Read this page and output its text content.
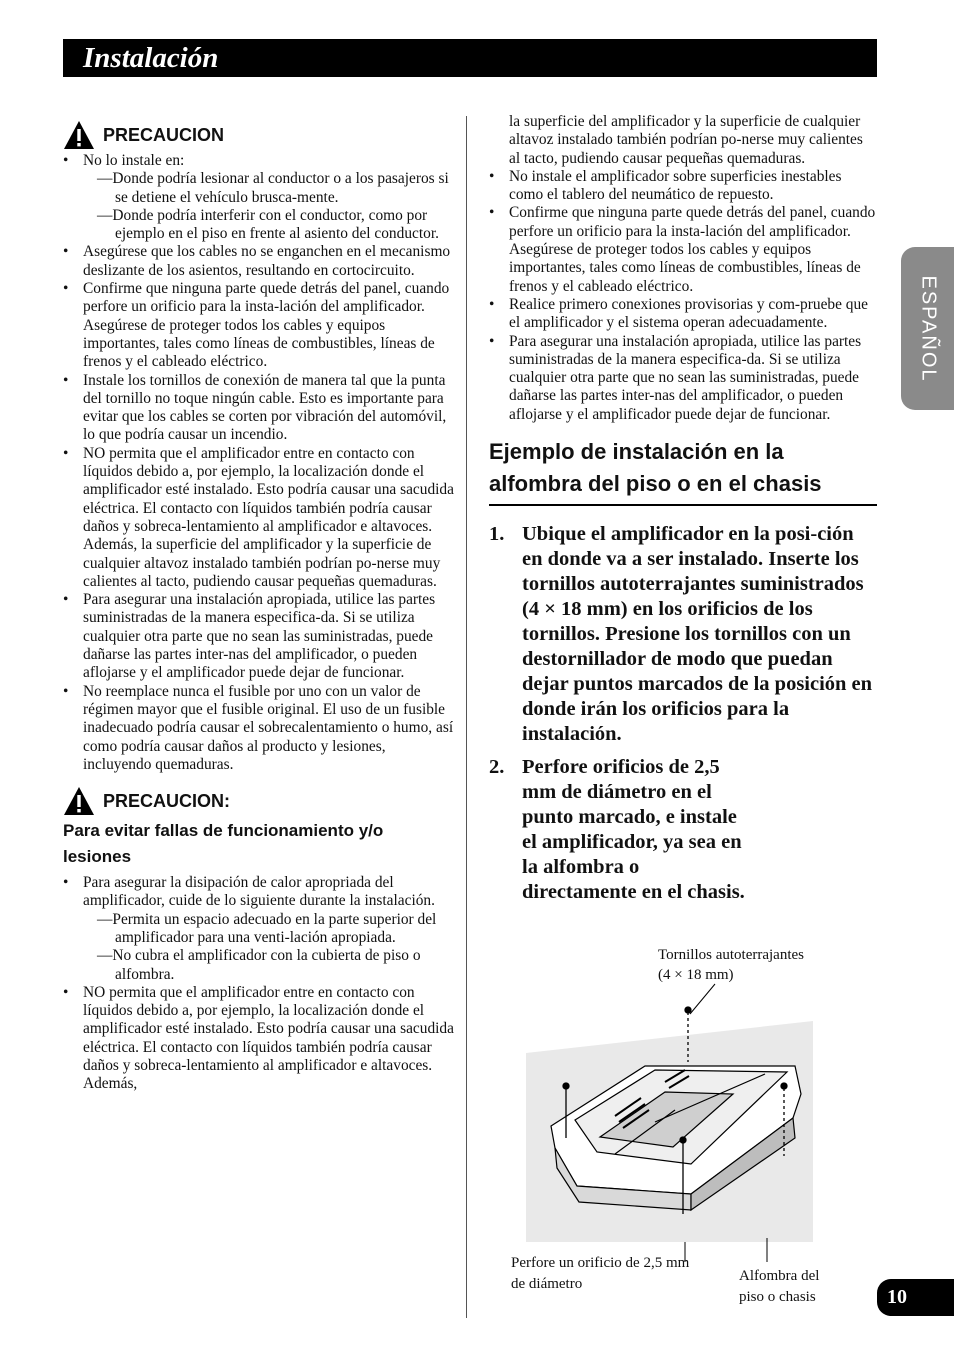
Instalación
ESPAÑOL
PRECAUCION
• No lo instale en:
—Donde podría lesionar al conductor o a los pasajeros si se detiene el vehículo brusca-mente.
—Donde podría interferir con el conductor, como por ejemplo en el piso en frente al asiento del conductor.
• Asegúrese que los cables no se enganchen en el mecanismo deslizante de los asientos, resultando en cortocircuito.
• Confirme que ninguna parte quede detrás del panel, cuando perfore un orificio para la insta-lación del amplificador. Asegúrese de proteger todos los cables y equipos importantes, tales como líneas de combustibles, líneas de frenos y el cableado eléctrico.
• Instale los tornillos de conexión de manera tal que la punta del tornillo no toque ningún cable. Esto es importante para evitar que los cables se corten por vibración del automóvil, lo que podría causar un incendio.
• NO permita que el amplificador entre en contacto con líquidos debido a, por ejemplo, la localización donde el amplificador esté instalado. Esto podría causar una sacudida eléctrica. El contacto con líquidos también podría causar daños y sobreca-lentamiento al amplificador e altavoces. Además, la superficie del amplificador y la superficie de cualquier altavoz instalado también podrían po-nerse muy calientes al tacto, pudiendo causar pequeñas quemaduras.
• Para asegurar una instalación apropiada, utilice las partes suministradas de la manera especifica-da. Si se utiliza cualquier otra parte que no sean las suministradas, puede dañarse las partes inter-nas del amplificador, o pueden aflojarse y el amplificador puede dejar de funcionar.
• No reemplace nunca el fusible por uno con un valor de régimen mayor que el fusible original. El uso de un fusible inadecuado podría causar el sobrecalentamiento o humo, así como podría causar daños al producto y lesiones, incluyendo quemaduras.
PRECAUCION:
Para evitar fallas de funcionamiento y/o lesiones
• Para asegurar la disipación de calor apropriada del amplificador, cuide de lo siguiente durante la instalación.
—Permita un espacio adecuado en la parte superior del amplificador para una venti-lación apropiada.
—No cubra el amplificador con la cubierta de piso o alfombra.
• NO permita que el amplificador entre en contacto con líquidos debido a, por ejemplo, la localización donde el amplificador esté instalado. Esto podría causar una sacudida eléctrica. El contacto con líquidos también podría causar daños y sobreca-lentamiento al amplificador e altavoces. Además,
la superficie del amplificador y la superficie de cualquier altavoz instalado también podrían po-nerse muy calientes al tacto, pudiendo causar pequeñas quemaduras.
• No instale el amplificador sobre superficies inestables como el tablero del neumático de repuesto.
• Confirme que ninguna parte quede detrás del panel, cuando perfore un orificio para la insta-lación del amplificador. Asegúrese de proteger todos los cables y equipos importantes, tales como líneas de combustibles, líneas de frenos y el cableado eléctrico.
• Realice primero conexiones provisorias y com-pruebe que el amplificador y el sistema operan adecuadamente.
• Para asegurar una instalación apropiada, utilice las partes suministradas de la manera especifica-da. Si se utiliza cualquier otra parte que no sean las suministradas, puede dañarse las partes inter-nas del amplificador, o pueden aflojarse y el amplificador puede dejar de funcionar.
Ejemplo de instalación en la alfombra del piso o en el chasis
1. Ubique el amplificador en la posi-ción en donde va a ser instalado. Inserte los tornillos autoterrajantes suministrados (4 × 18 mm) en los orificios de los tornillos. Presione los tornillos con un destornillador de modo que puedan dejar puntos marcados de la posición en donde irán los orificios para la instalación.
2. Perfore orificios de 2,5 mm de diámetro en el punto marcado, e instale el amplificador, ya sea en la alfombra o directamente en el chasis.
Tornillos autoterrajantes
(4 × 18 mm)
Perfore un orificio de 2,5 mm
de diámetro	Alfombra del
piso o chasis	10
